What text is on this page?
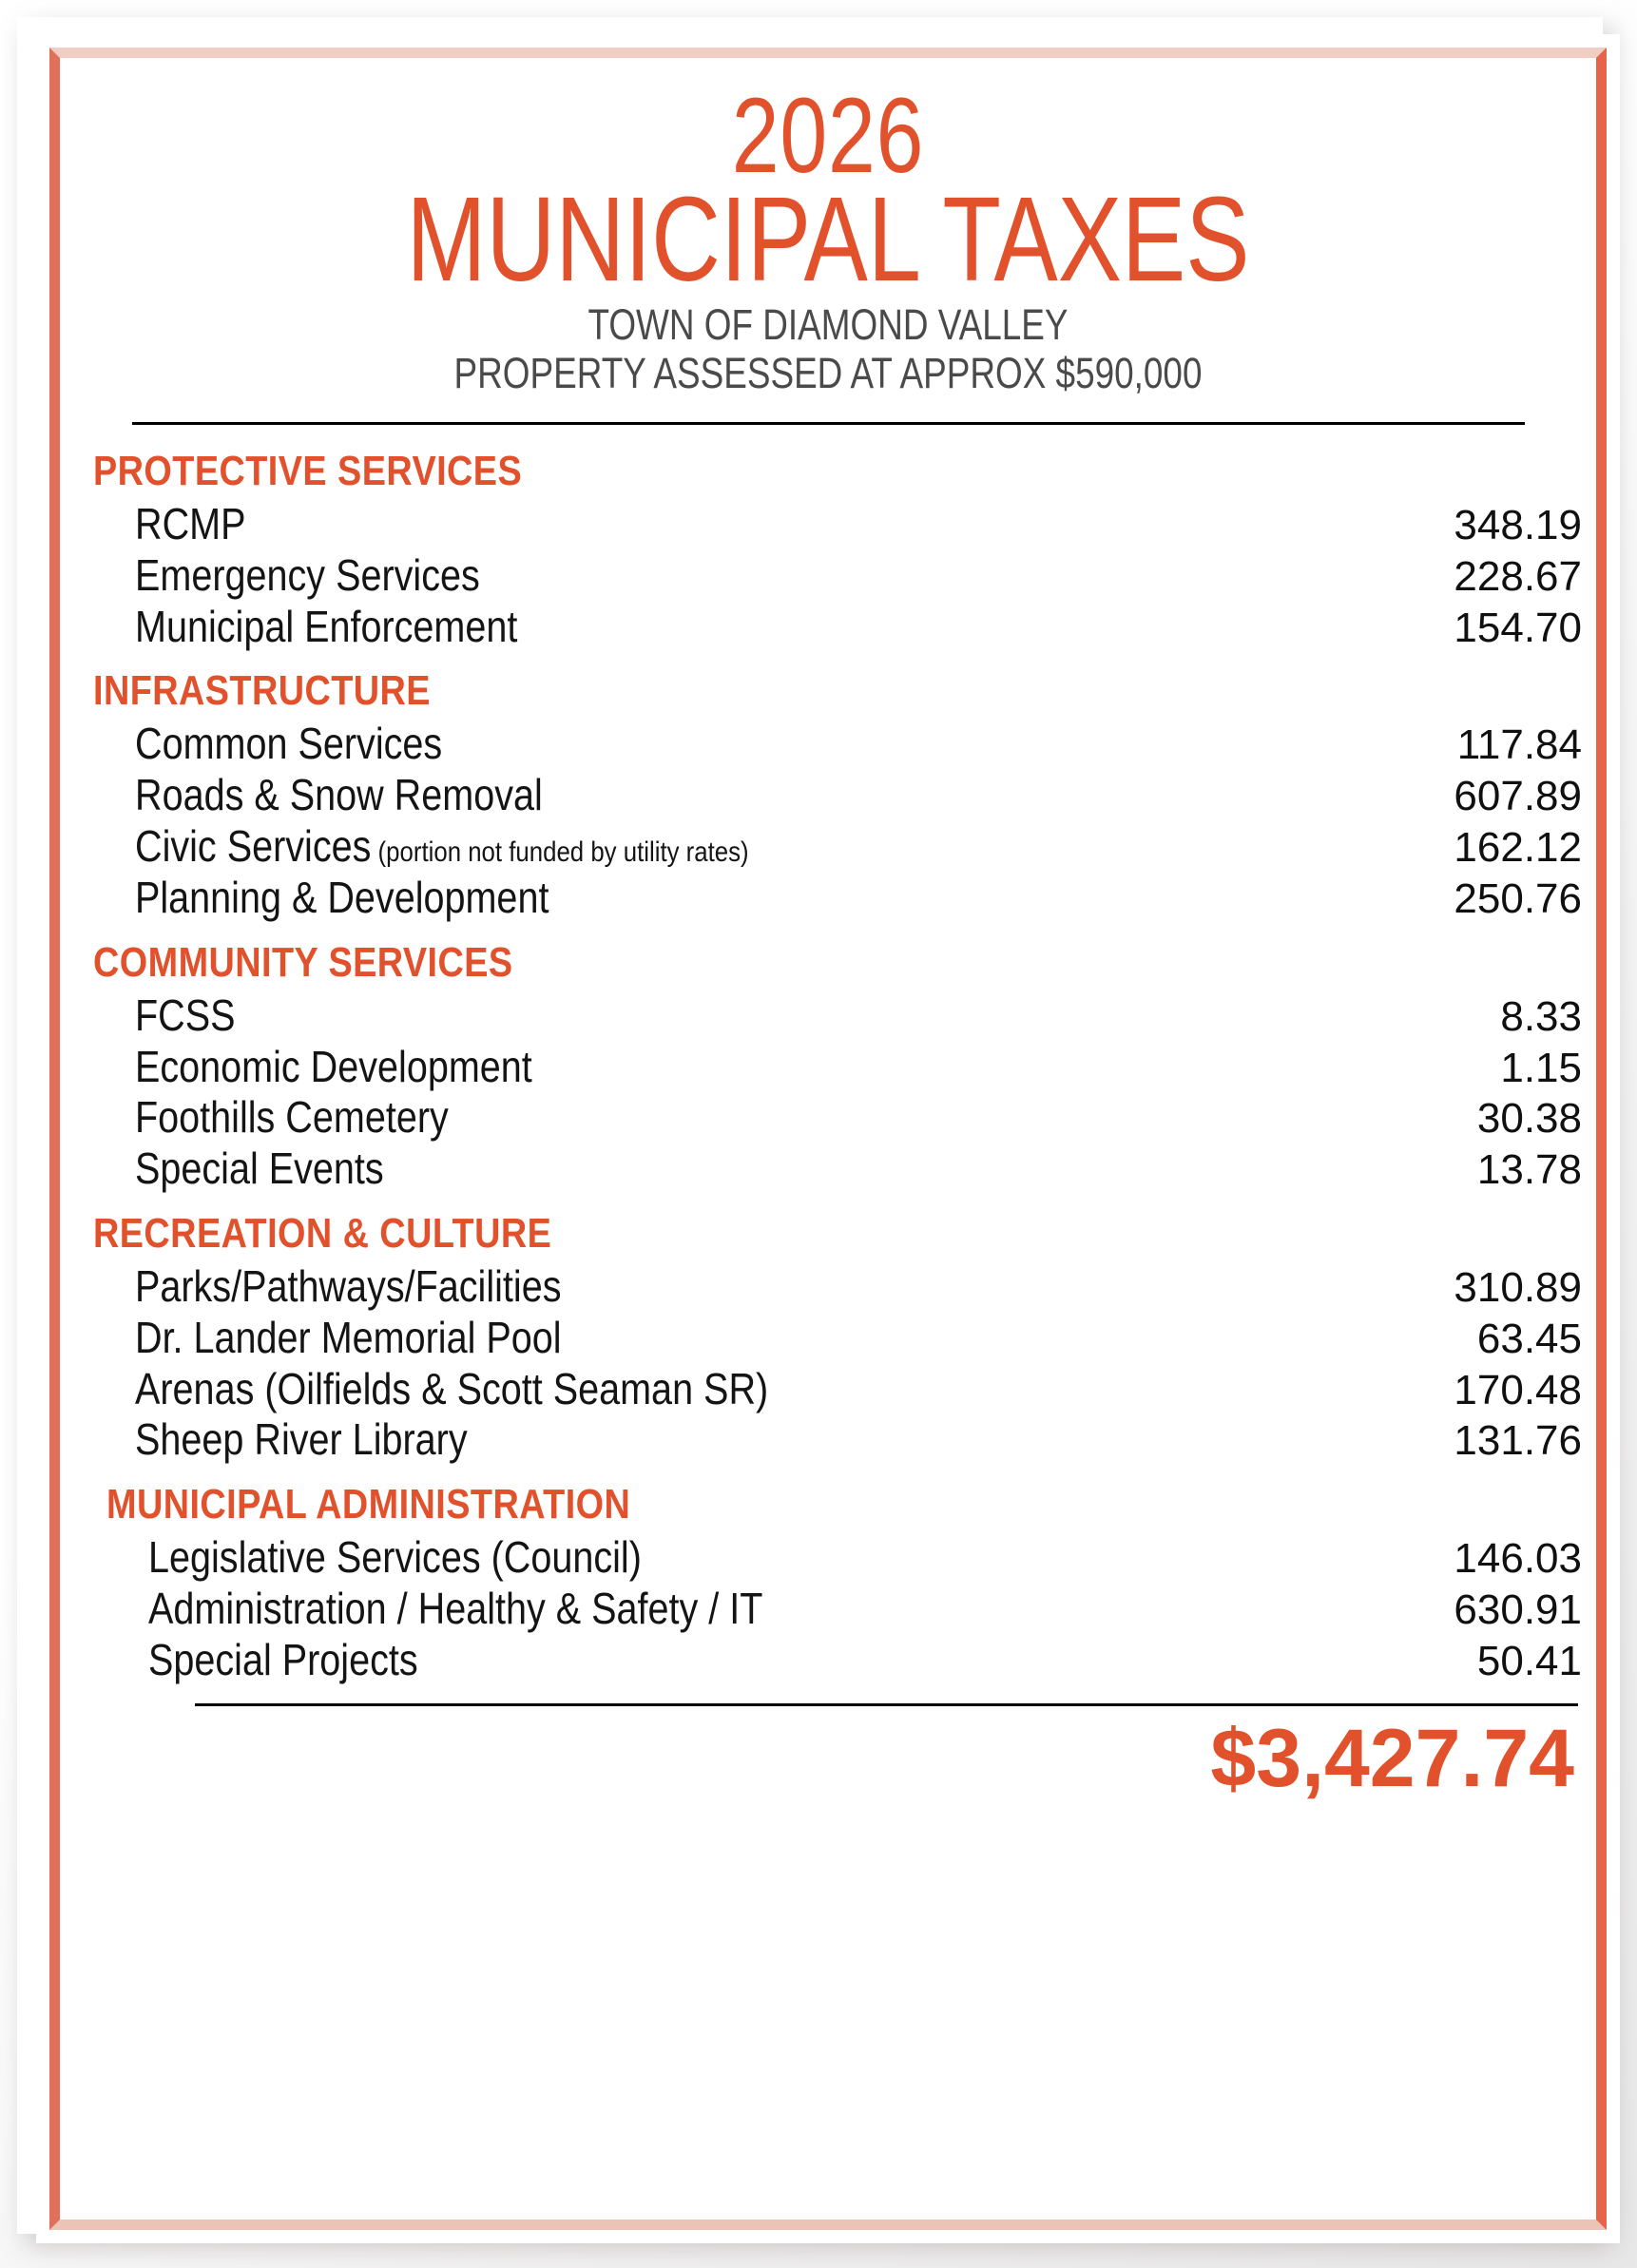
2026
MUNICIPAL TAXES
TOWN OF DIAMOND VALLEY
PROPERTY ASSESSED AT APPROX $590,000
PROTECTIVE SERVICES
RCMP	348.19
Emergency Services	228.67
Municipal Enforcement	154.70
INFRASTRUCTURE
Common Services	117.84
Roads & Snow Removal	607.89
Civic Services (portion not funded by utility rates)	162.12
Planning & Development	250.76
COMMUNITY SERVICES
FCSS	8.33
Economic Development	1.15
Foothills Cemetery	30.38
Special Events	13.78
RECREATION & CULTURE
Parks/Pathways/Facilities	310.89
Dr. Lander Memorial Pool	63.45
Arenas (Oilfields & Scott Seaman SR)	170.48
Sheep River Library	131.76
MUNICIPAL ADMINISTRATION
Legislative Services (Council)	146.03
Administration / Healthy & Safety / IT	630.91
Special Projects	50.41
$3,427.74
